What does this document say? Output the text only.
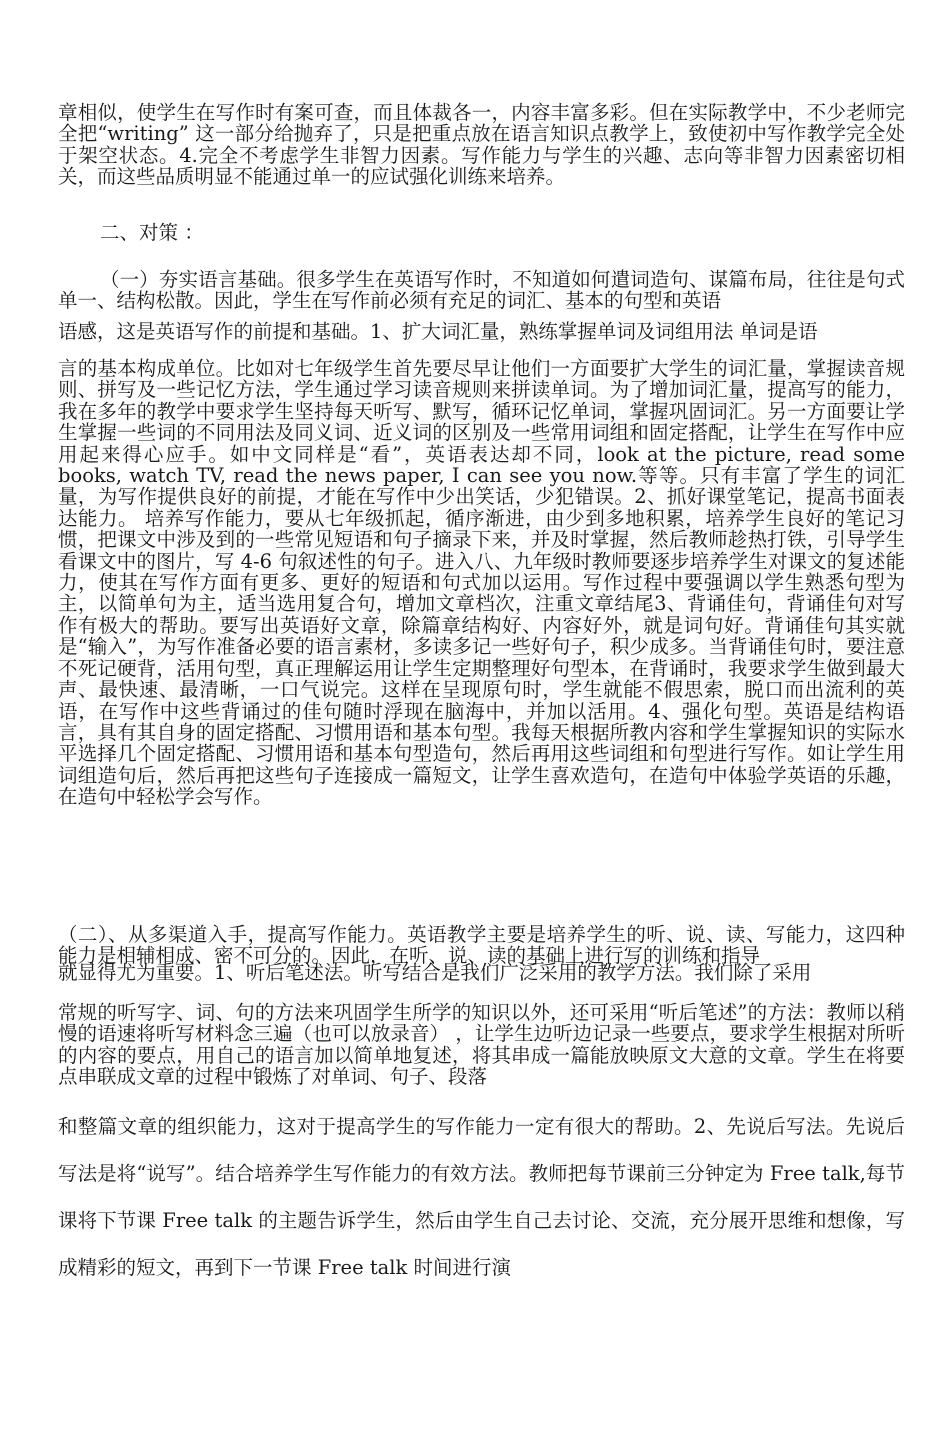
章相似，使学生在写作时有案可查，而且体裁各一，内容丰富多彩。但在实际教学中，不少老师完全把“writing” 这一部分给抛弃了，只是把重点放在语言知识点教学上，致使初中写作教学完全处于架空状态。4.完全不考虑学生非智力因素。写作能力与学生的兴趣、志向等非智力因素密切相关，而这些品质明显不能通过单一的应试强化训练来培养。

二、对策 ：

（一）夯实语言基础。很多学生在英语写作时，不知道如何遣词造句、谋篇布局，往往是句式单一、结构松散。因此，学生在写作前必须有充足的词汇、基本的句型和英语

语感，这是英语写作的前提和基础。1、扩大词汇量，熟练掌握单词及词组用法 单词是语

言的基本构成单位。比如对七年级学生首先要尽早让他们一方面要扩大学生的词汇量，掌握读音规则、拼写及一些记忆方法，学生通过学习读音规则来拼读单词。为了增加词汇量，提高写的能力，我在多年的教学中要求学生坚持每天听写、默写，循环记忆单词，掌握巩固词汇。另一方面要让学生掌握一些词的不同用法及同义词、近义词的区别及一些常用词组和固定搭配，让学生在写作中应用起来得心应手。如中文同样是“看”，英语表达却不同，look at the picture, read some books, watch TV, read the news paper, I can see you now.等等。只有丰富了学生的词汇量，为写作提供良好的前提，才能在写作中少出笑话，少犯错误。2、抓好课堂笔记，提高书面表达能力。 培养写作能力，要从七年级抓起，循序渐进，由少到多地积累，培养学生良好的笔记习惯，把课文中涉及到的一些常见短语和句子摘录下来，并及时掌握，然后教师趁热打铁，引导学生看课文中的图片，写 4-6 句叙述性的句子。进入八、九年级时教师要逐步培养学生对课文的复述能力，使其在写作方面有更多、更好的短语和句式加以运用。写作过程中要强调以学生熟悉句型为主，以简单句为主，适当选用复合句，增加文章档次，注重文章结尾3、背诵佳句，背诵佳句对写作有极大的帮助。要写出英语好文章，除篇章结构好、内容好外，就是词句好。背诵佳句其实就是“输入”，为写作准备必要的语言素材，多读多记一些好句子，积少成多。当背诵佳句时，要注意不死记硬背，活用句型，真正理解运用让学生定期整理好句型本，在背诵时，我要求学生做到最大声、最快速、最清晰，一口气说完。这样在呈现原句时，学生就能不假思索，脱口而出流利的英语，在写作中这些背诵过的佳句随时浮现在脑海中，并加以活用。4、强化句型。英语是结构语言，具有其自身的固定搭配、习惯用语和基本句型。我每天根据所教内容和学生掌握知识的实际水平选择几个固定搭配、习惯用语和基本句型造句，然后再用这些词组和句型进行写作。如让学生用词组造句后，然后再把这些句子连接成一篇短文，让学生喜欢造句，在造句中体验学英语的乐趣，在造句中轻松学会写作。

（二）、从多渠道入手，提高写作能力。英语教学主要是培养学生的听、说、读、写能力，这四种能力是相辅相成、密不可分的。因此，在听、说、读的基础上进行写的训练和指导

就显得尤为重要。1、听后笔述法。听写结合是我们广泛采用的教学方法。我们除了采用

常规的听写字、词、句的方法来巩固学生所学的知识以外，还可采用“听后笔述”的方法：教师以稍慢的语速将听写材料念三遍（也可以放录音） ，让学生边听边记录一些要点，要求学生根据对所听的内容的要点，用自己的语言加以简单地复述，将其串成一篇能放映原文大意的文章。学生在将要点串联成文章的过程中锻炼了对单词、句子、段落

和整篇文章的组织能力，这对于提高学生的写作能力一定有很大的帮助。2、先说后写法。先说后写法是将“说写”。结合培养学生写作能力的有效方法。教师把每节课前三分钟定为 Free talk,每节课将下节课 Free talk 的主题告诉学生，然后由学生自己去讨论、交流，充分展开思维和想像，写成精彩的短文，再到下一节课 Free talk 时间进行演
